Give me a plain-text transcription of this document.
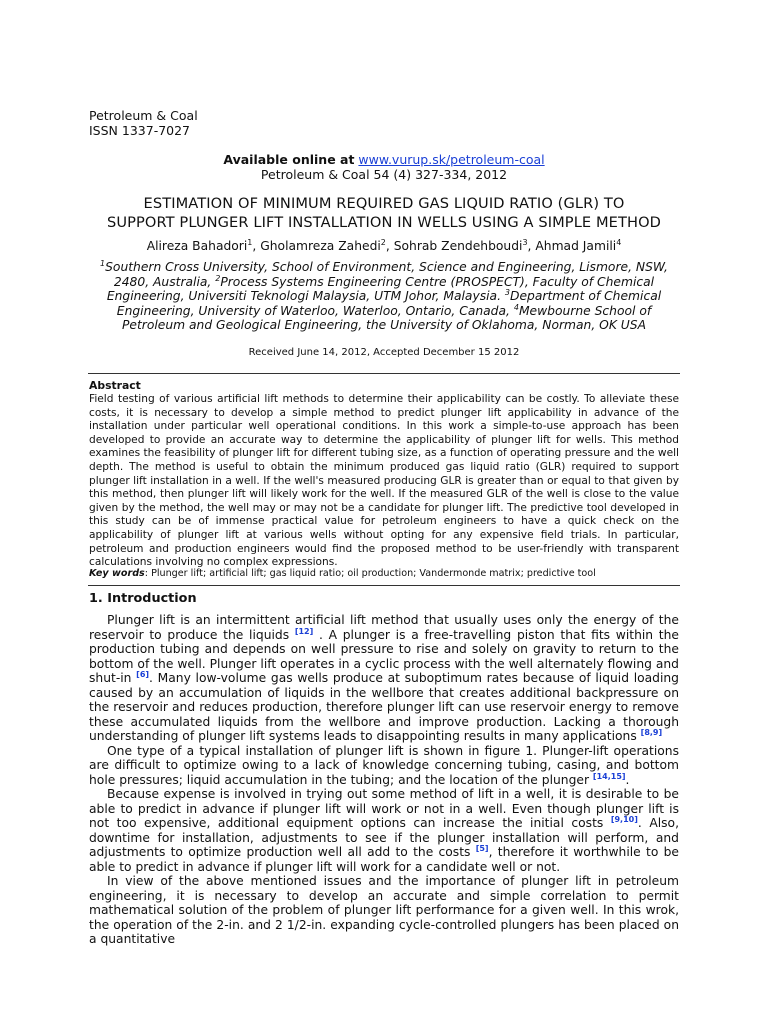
Petroleum & Coal
ISSN 1337-7027
Available online at www.vurup.sk/petroleum-coal
Petroleum & Coal 54 (4) 327-334, 2012
ESTIMATION OF MINIMUM REQUIRED GAS LIQUID RATIO (GLR) TO
SUPPORT PLUNGER LIFT INSTALLATION IN WELLS USING A SIMPLE METHOD
Alireza Bahadori$^1$, Gholamreza Zahedi$^2$, Sohrab Zendehboudi$^3$, Ahmad Jamili$^4$
$^1$Southern Cross University, School of Environment, Science and Engineering, Lismore, NSW, 2480, Australia, $^2$Process Systems Engineering Centre (PROSPECT), Faculty of Chemical Engineering, Universiti Teknologi Malaysia, UTM Johor, Malaysia. $^3$Department of Chemical Engineering, University of Waterloo, Waterloo, Ontario, Canada, $^4$Mewbourne School of Petroleum and Geological Engineering, the University of Oklahoma, Norman, OK USA
Received June 14, 2012, Accepted December 15 2012
Abstract
Field testing of various artificial lift methods to determine their applicability can be costly. To alleviate these costs, it is necessary to develop a simple method to predict plunger lift applicability in advance of the installation under particular well operational conditions. In this work a simple-to-use approach has been developed to provide an accurate way to determine the applicability of plunger lift for wells. This method examines the feasibility of plunger lift for different tubing size, as a function of operating pressure and the well depth. The method is useful to obtain the minimum produced gas liquid ratio (GLR) required to support plunger lift installation in a well. If the well's measured producing GLR is greater than or equal to that given by this method, then plunger lift will likely work for the well. If the measured GLR of the well is close to the value given by the method, the well may or may not be a candidate for plunger lift. The predictive tool developed in this study can be of immense practical value for petroleum engineers to have a quick check on the applicability of plunger lift at various wells without opting for any expensive field trials. In particular, petroleum and production engineers would find the proposed method to be user-friendly with transparent calculations involving no complex expressions.
Key words: Plunger lift; artificial lift; gas liquid ratio; oil production; Vandermonde matrix; predictive tool
1. Introduction

Plunger lift is an intermittent artificial lift method that usually uses only the energy of the reservoir to produce the liquids [12] . A plunger is a free-travelling piston that fits within the production tubing and depends on well pressure to rise and solely on gravity to return to the bottom of the well. Plunger lift operates in a cyclic process with the well alternately flowing and shut-in [6]. Many low-volume gas wells produce at suboptimum rates because of liquid loading caused by an accumulation of liquids in the wellbore that creates additional backpressure on the reservoir and reduces production, therefore plunger lift can use reservoir energy to remove these accumulated liquids from the wellbore and improve production. Lacking a thorough understanding of plunger lift systems leads to disappointing results in many applications [8,9]

One type of a typical installation of plunger lift is shown in figure 1. Plunger-lift operations are difficult to optimize owing to a lack of knowledge concerning tubing, casing, and bottom hole pressures; liquid accumulation in the tubing; and the location of the plunger [14,15].

Because expense is involved in trying out some method of lift in a well, it is desirable to be able to predict in advance if plunger lift will work or not in a well. Even though plunger lift is not too expensive, additional equipment options can increase the initial costs [9,10]. Also, downtime for installation, adjustments to see if the plunger installation will perform, and adjustments to optimize production well all add to the costs [5], therefore it worthwhile to be able to predict in advance if plunger lift will work for a candidate well or not.

In view of the above mentioned issues and the importance of plunger lift in petroleum engineering, it is necessary to develop an accurate and simple correlation to permit mathematical solution of the problem of plunger lift performance for a given well. In this wrok, the operation of the 2-in. and 2 1/2-in. expanding cycle-controlled plungers has been placed on a quantitative
